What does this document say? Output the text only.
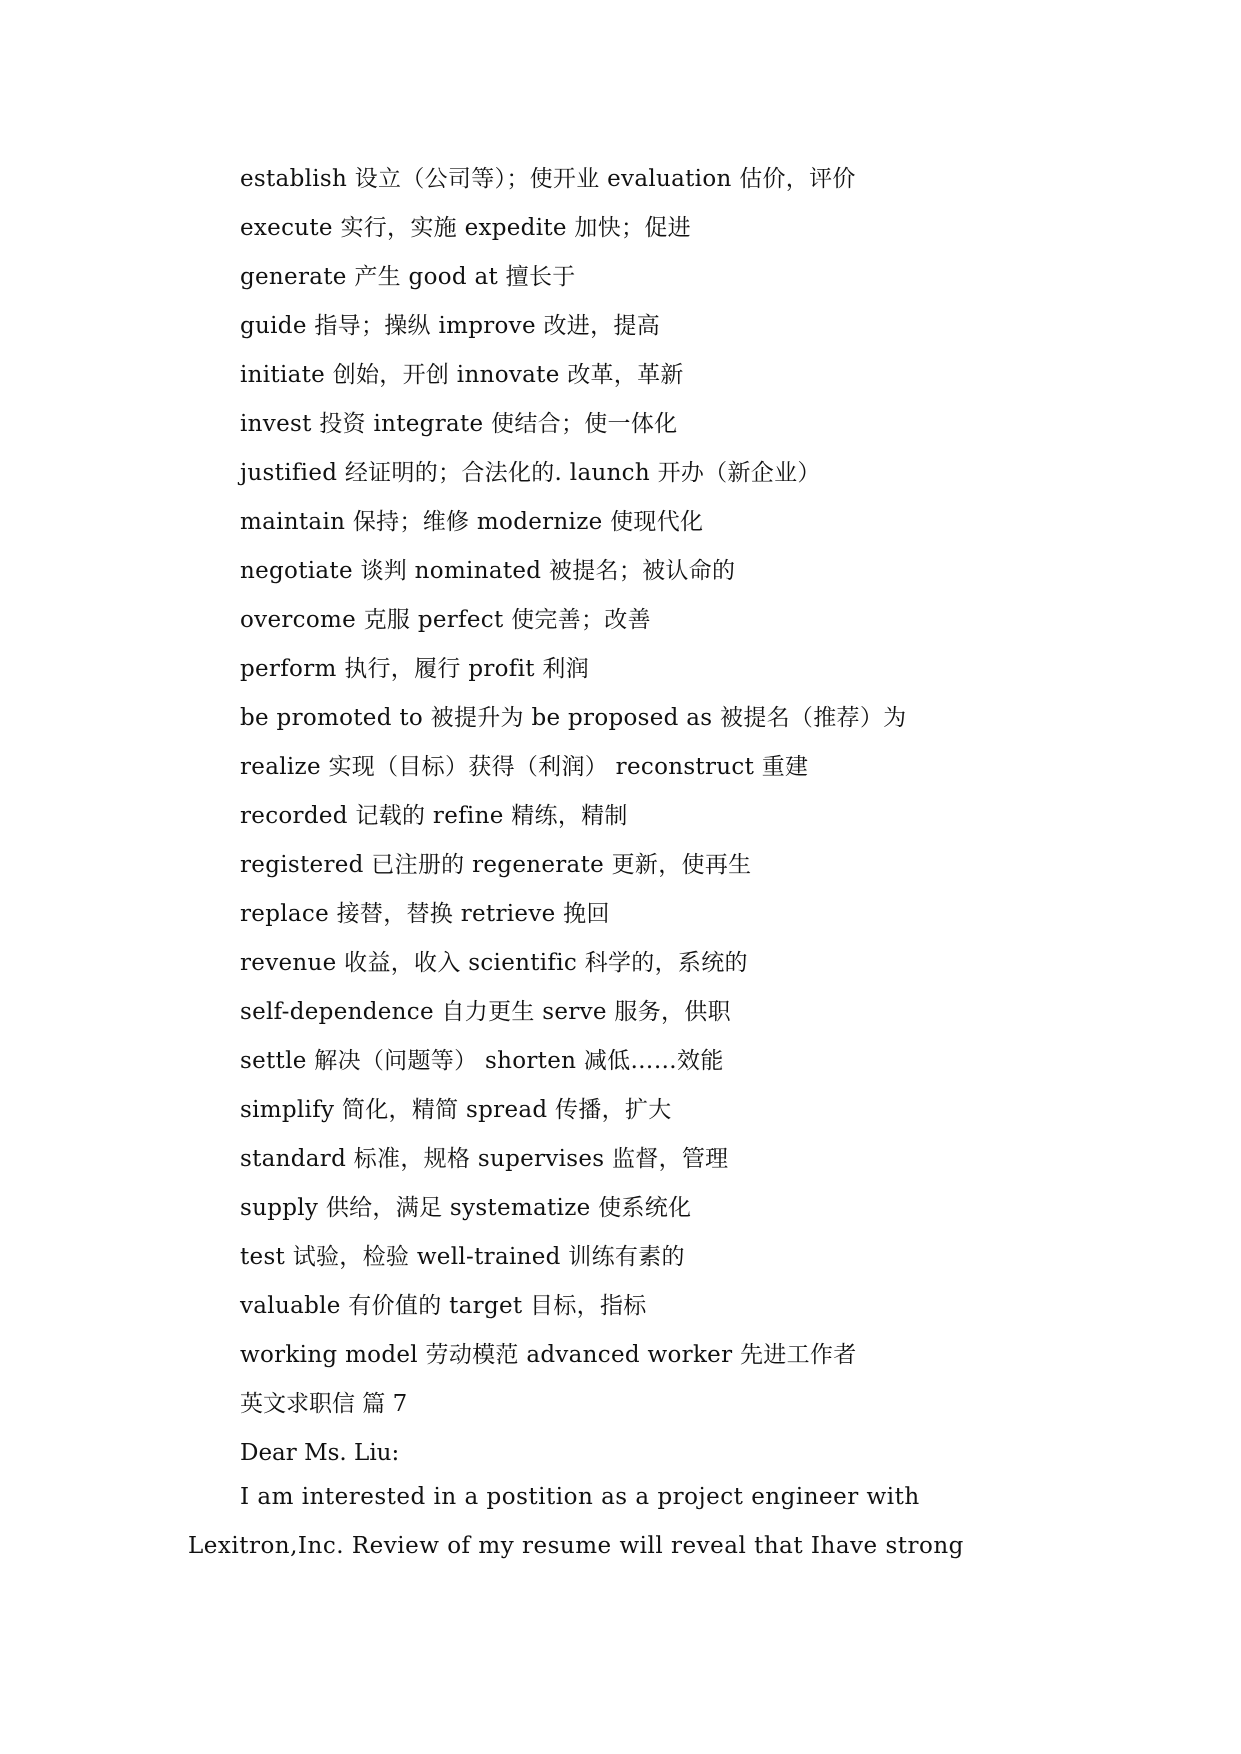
establish 设立（公司等）；使开业 evaluation 估价，评价
execute 实行，实施 expedite 加快；促进
generate 产生 good at 擅长于
guide 指导；操纵 improve 改进，提高
initiate 创始，开创 innovate 改革，革新
invest 投资 integrate 使结合；使一体化
justified 经证明的；合法化的. launch 开办（新企业）
maintain 保持；维修 modernize 使现代化
negotiate 谈判 nominated 被提名；被认命的
overcome 克服 perfect 使完善；改善
perform 执行，履行 profit 利润
be promoted to 被提升为 be proposed as 被提名（推荐）为
realize 实现（目标）获得（利润） reconstruct 重建
recorded 记载的 refine 精练，精制
registered 已注册的 regenerate 更新，使再生
replace 接替，替换 retrieve 挽回
revenue 收益，收入 scientific 科学的，系统的
self-dependence 自力更生 serve 服务，供职
settle 解决（问题等） shorten 减低……效能
simplify 简化，精简 spread 传播，扩大
standard 标准，规格 supervises 监督，管理
supply 供给，满足 systematize 使系统化
test 试验，检验 well-trained 训练有素的
valuable 有价值的 target 目标，指标
working model 劳动模范 advanced worker 先进工作者
英文求职信 篇 7
Dear Ms. Liu:
I am interested in a postition as a project engineer with
Lexitron,Inc. Review of my resume will reveal that Ihave strong
